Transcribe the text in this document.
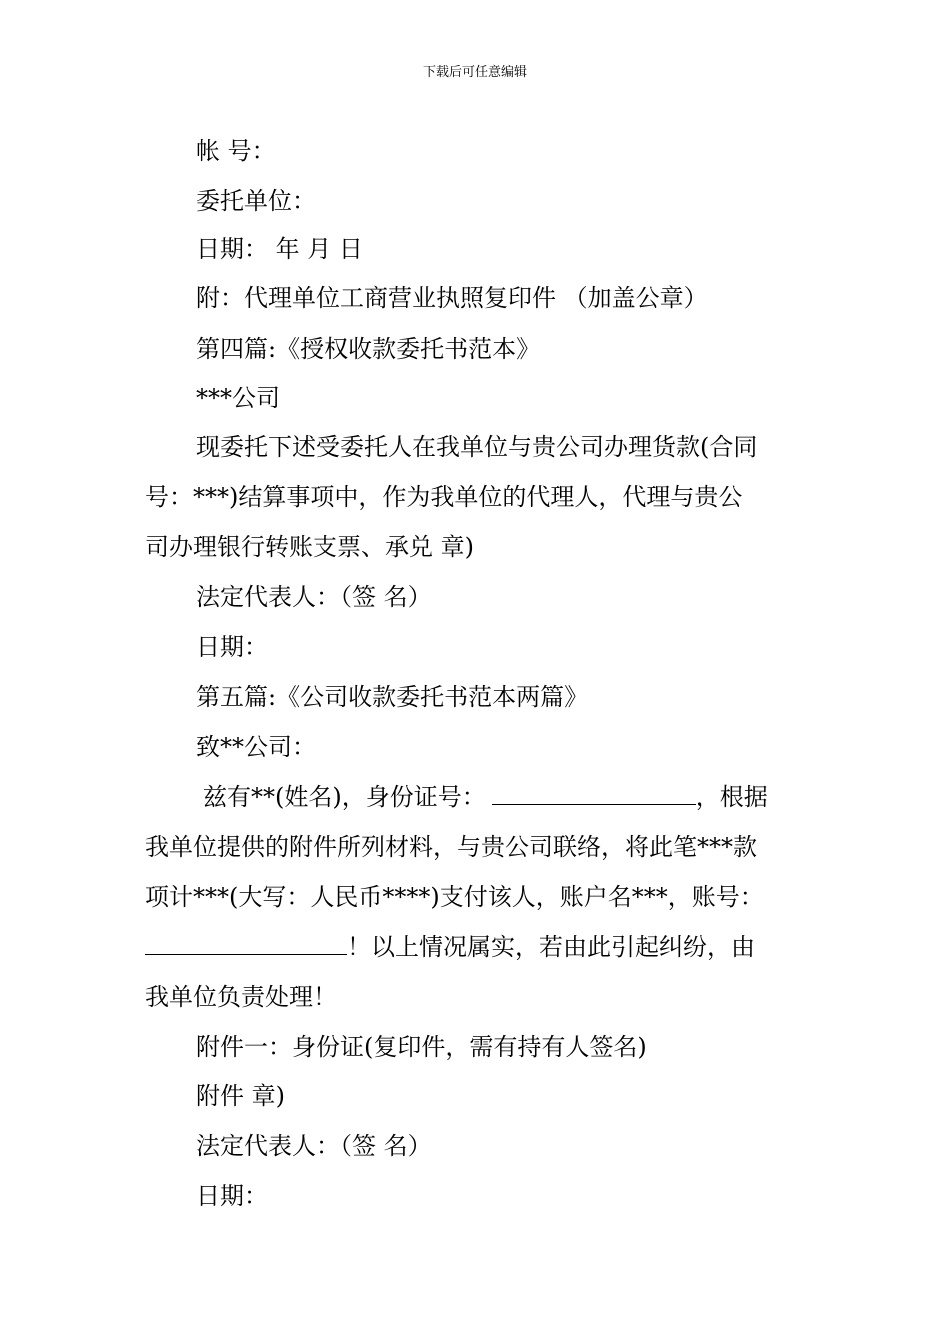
下载后可任意编辑

帐 号：

委托单位：

日期： 年 月 日

附：代理单位工商营业执照复印件 （加盖公章）

第四篇:《授权收款委托书范本》

***公司

现委托下述受委托人在我单位与贵公司办理货款(合同

号：***)结算事项中，作为我单位的代理人，代理与贵公

司办理银行转账支票、承兑 章)

法定代表人：（签 名）

日期：

第五篇:《公司收款委托书范本两篇》

致**公司：

兹有**(姓名)，身份证号：	，根据

我单位提供的附件所列材料，与贵公司联络，将此笔***款

项计***(大写：人民币****)支付该人，账户名***，账号：

！以上情况属实，若由此引起纠纷，由

我单位负责处理！

附件一：身份证(复印件，需有持有人签名)

附件 章)

法定代表人：（签 名）

日期：
